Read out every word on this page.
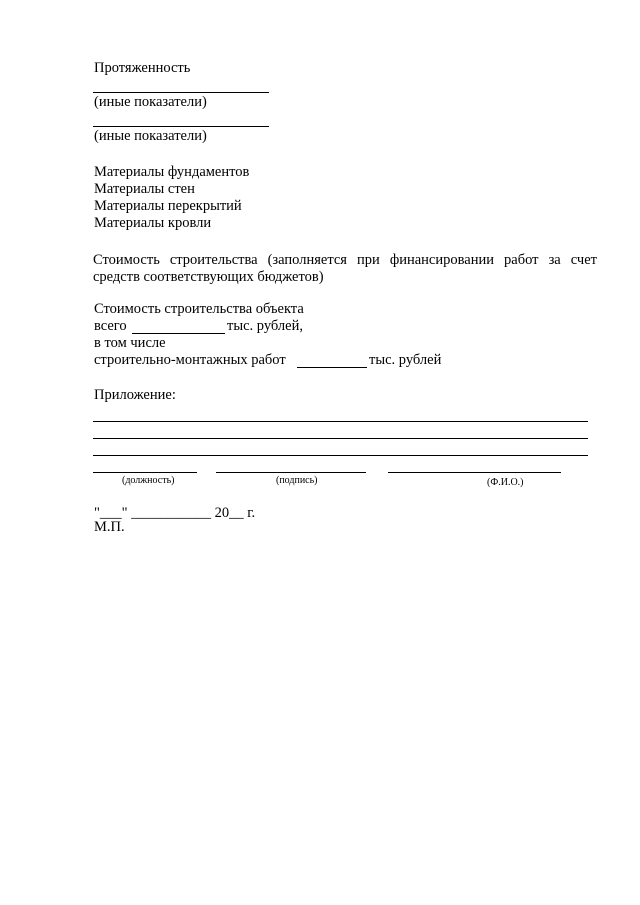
Протяженность
(иные показатели)
(иные показатели)
Материалы фундаментов
Материалы стен
Материалы перекрытий
Материалы кровли
Стоимость строительства (заполняется при финансировании работ за счет средств соответствующих бюджетов)
Стоимость строительства объекта
всего	тыс. рублей,
в том числе
строительно-монтажных работ	тыс. рублей
Приложение:
(должность)	(подпись)	(Ф.И.О.)
"___" ___________ 20__ г.
М.П.
